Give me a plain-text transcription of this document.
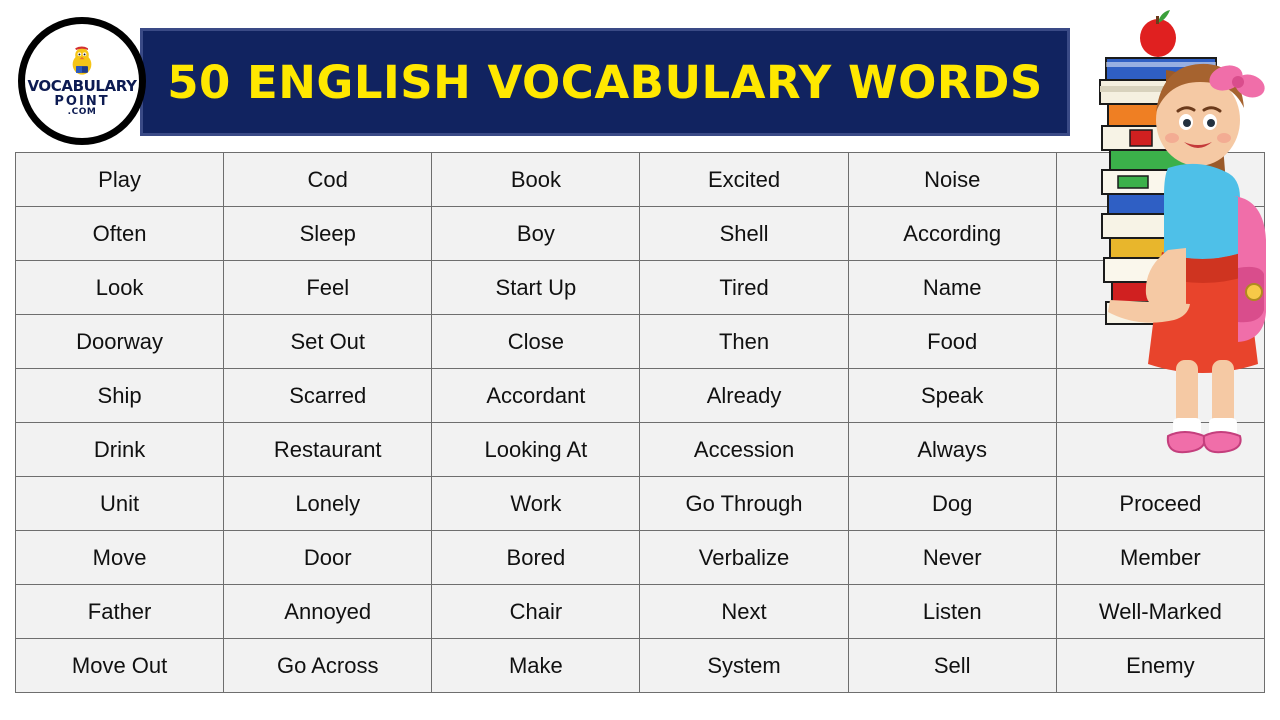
50 ENGLISH VOCABULARY WORDS
VOCABULARY
POINT
.COM
Play	Cod	Book	Excited	Noise	
Often	Sleep	Boy	Shell	According	
Look	Feel	Start Up	Tired	Name	
Doorway	Set Out	Close	Then	Food	
Ship	Scarred	Accordant	Already	Speak	
Drink	Restaurant	Looking At	Accession	Always	
Unit	Lonely	Work	Go Through	Dog	Proceed
Move	Door	Bored	Verbalize	Never	Member
Father	Annoyed	Chair	Next	Listen	Well-Marked
Move Out	Go Across	Make	System	Sell	Enemy
